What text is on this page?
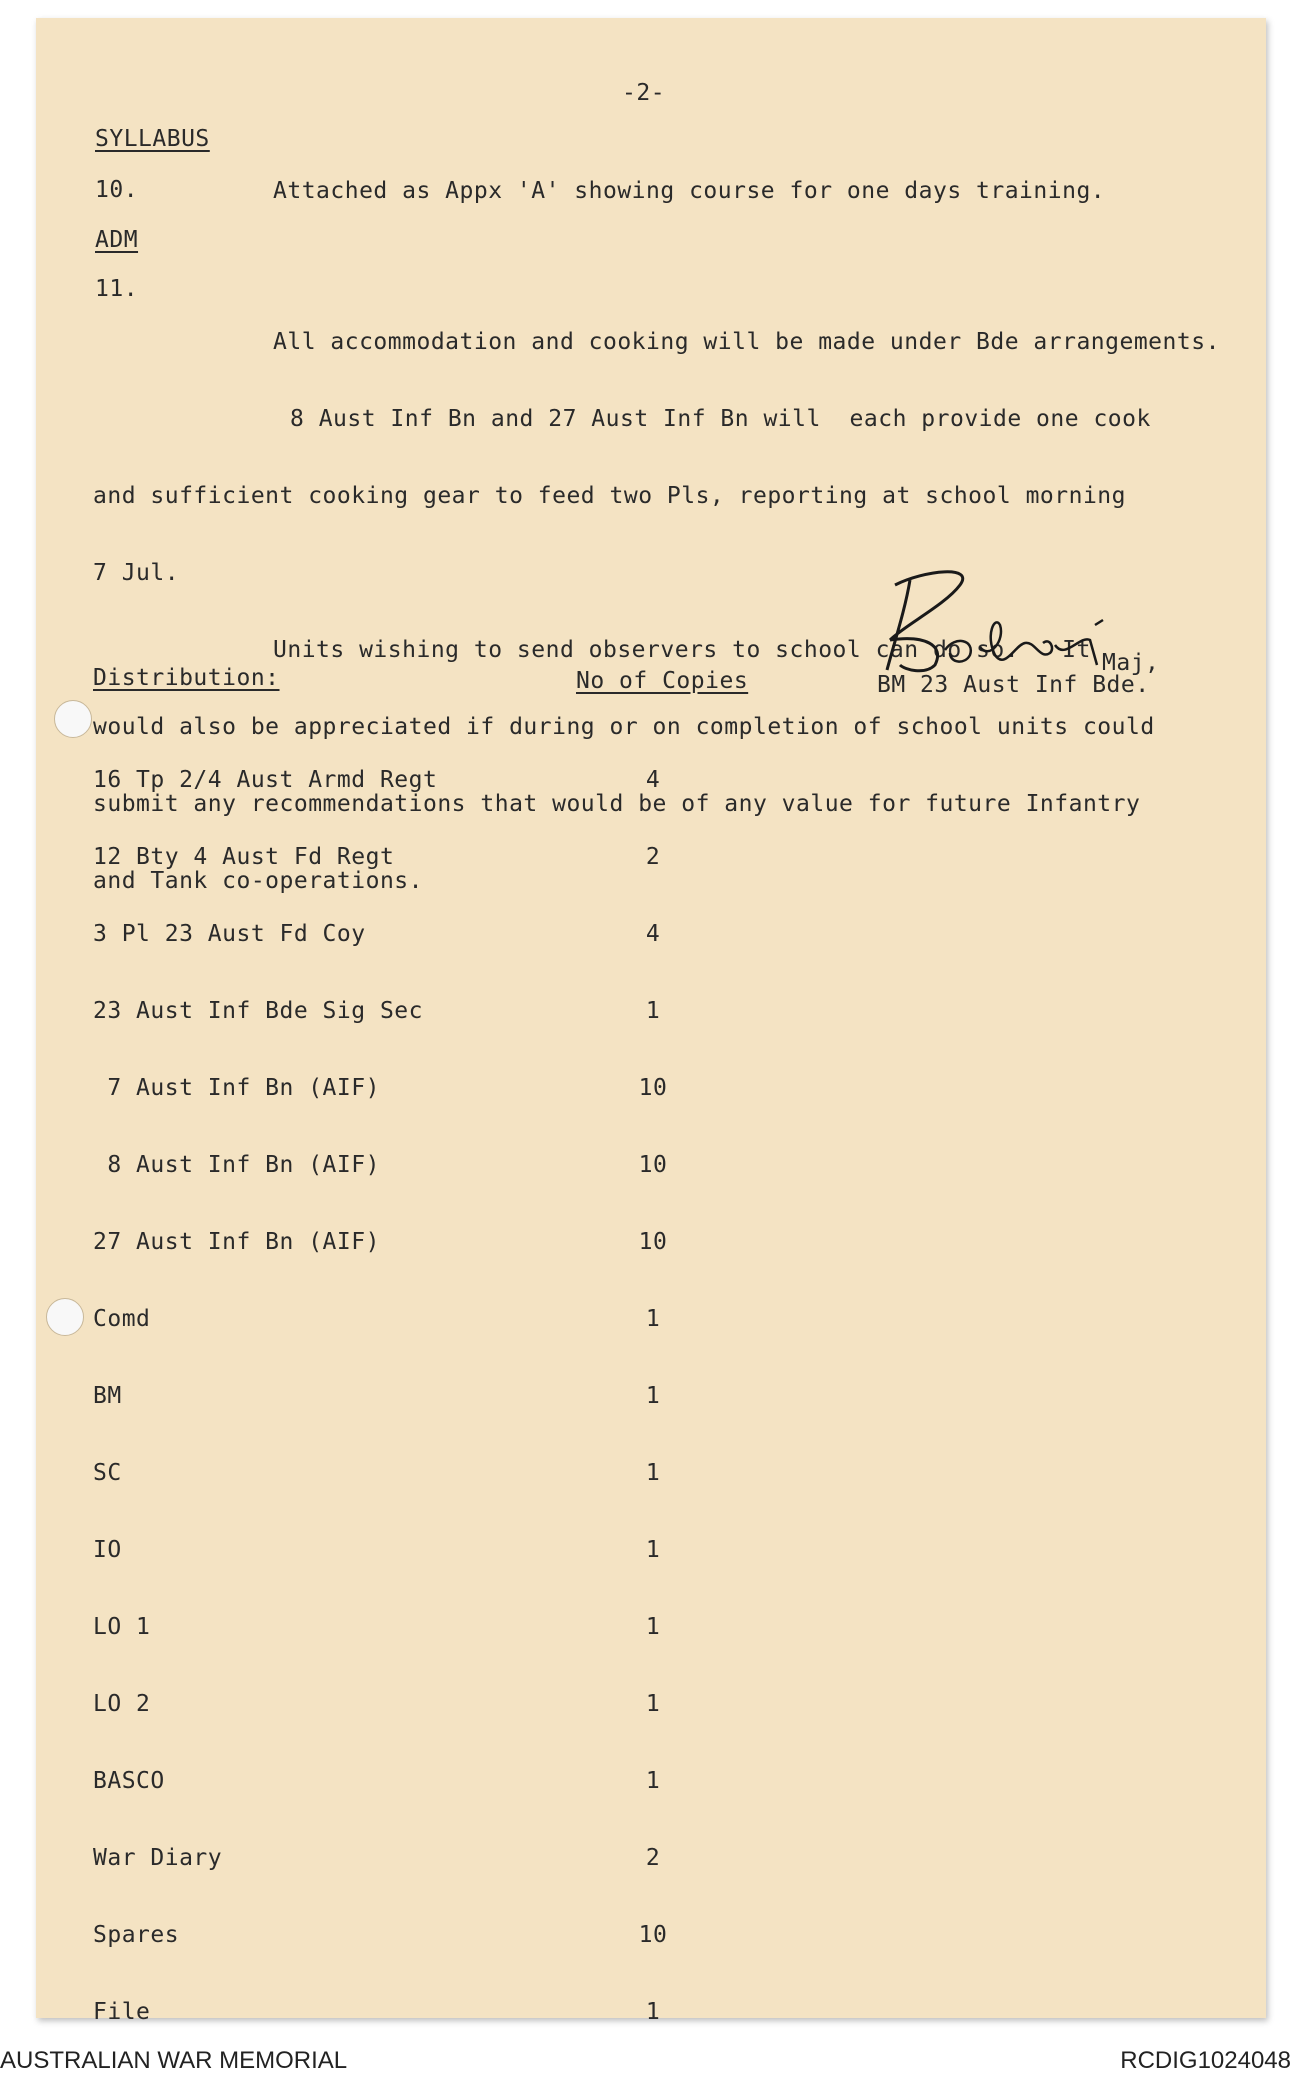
-2-
SYLLABUS
10.	Attached as Appx 'A' showing course for one days training.
ADM
11.

All accommodation and cooking will be made under Bde arrangements.

8 Aust Inf Bn and 27 Aust Inf Bn will  each provide one cook

and sufficient cooking gear to feed two Pls, reporting at school morning

7 Jul.

Units wishing to send observers to school can do so.   It

would also be appreciated if during or on completion of school units could

submit any recommendations that would be of any value for future Infantry

and Tank co-operations.

Maj,
BM 23 Aust Inf Bde.
Distribution:	No of Copies

16 Tp 2/4 Aust Armd Regt	4

12 Bty 4 Aust Fd Regt	2

3 Pl 23 Aust Fd Coy	4

23 Aust Inf Bde Sig Sec	1

7 Aust Inf Bn (AIF)	10

8 Aust Inf Bn (AIF)	10

27 Aust Inf Bn (AIF)	10

Comd	1

BM	1

SC	1

IO	1

LO 1	1

LO 2	1

BASCO	1

War Diary	2

Spares	10

File	1

AUSTRALIAN WAR MEMORIAL	RCDIG1024048
